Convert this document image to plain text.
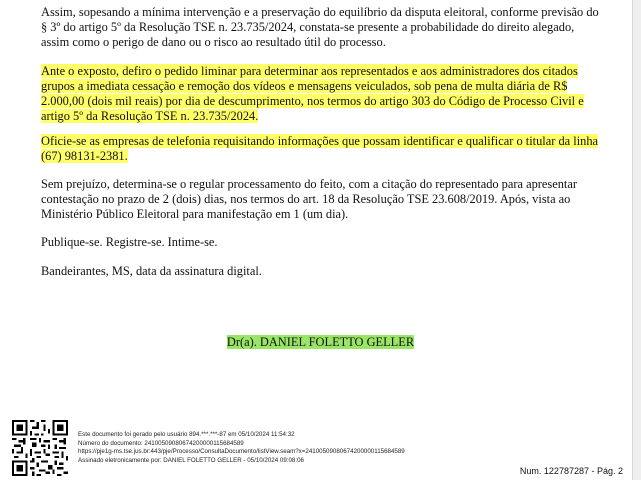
Assim, sopesando a mínima intervenção e a preservação do equilíbrio da disputa eleitoral, conforme previsão do § 3º do artigo 5º da Resolução TSE n. 23.735/2024, constata-se presente a probabilidade do direito alegado, assim como o perigo de dano ou o risco ao resultado útil do processo.
Ante o exposto, defiro o pedido liminar para determinar aos representados e aos administradores dos citados grupos a imediata cessação e remoção dos vídeos e mensagens veiculados, sob pena de multa diária de R$ 2.000,00 (dois mil reais) por dia de descumprimento, nos termos do artigo 303 do Código de Processo Civil e artigo 5º da Resolução TSE n. 23.735/2024.
Oficie-se as empresas de telefonia requisitando informações que possam identificar e qualificar o titular da linha (67) 98131-2381.
Sem prejuízo, determina-se o regular processamento do feito, com a citação do representado para apresentar contestação no prazo de 2 (dois) dias, nos termos do art. 18 da Resolução TSE 23.608/2019. Após, vista ao Ministério Público Eleitoral para manifestação em 1 (um dia).
Publique-se. Registre-se. Intime-se.
Bandeirantes, MS, data da assinatura digital.
Dr(a). DANIEL FOLETTO GELLER
Este documento foi gerado pelo usuário 894.***.***-87 em 05/10/2024 11:54:32
Número do documento: 24100509080674200000115684589
https://pje1g-ms.tse.jus.br:443/pje/Processo/ConsultaDocumento/listView.seam?x=24100509080674200000115684589
Assinado eletronicamente por: DANIEL FOLETTO GELLER - 05/10/2024 09:08:06
Num. 122787287 - Pág. 2
